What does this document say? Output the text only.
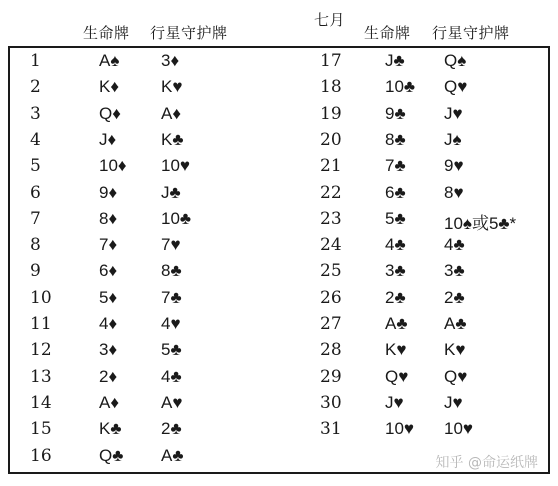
七月
生命牌 行星守护牌	生命牌 行星守护牌
1	A♠ 3♦
2	K♦ K♥
3	Q♦ A♦
4	J♦	K♣
5	10♦ 10♥
6	9♦	J♣
7	8♦	10♣
8	7♦	7♥
9	6♦	8♣
10	5♦	7♣
11	4♦	4♥
12	3♦	5♣
13	2♦	4♣
14	A♦ A♥
15	K♣ 2♣
16	Q♣ A♣
17	J♣ Q♠
18	10♣ Q♥
19	9♣ J♥
20	8♣ J♠
21	7♣ 9♥
22	6♣ 8♥
23	5♣ 10♠或5♣*
24	4♣ 4♣
25	3♣ 3♣
26	2♣ 2♣
27	A♣ A♣
28	K♥ K♥
29	Q♥ Q♥
30	J♥ J♥
31	10♥ 10♥
知乎 @命运纸牌
